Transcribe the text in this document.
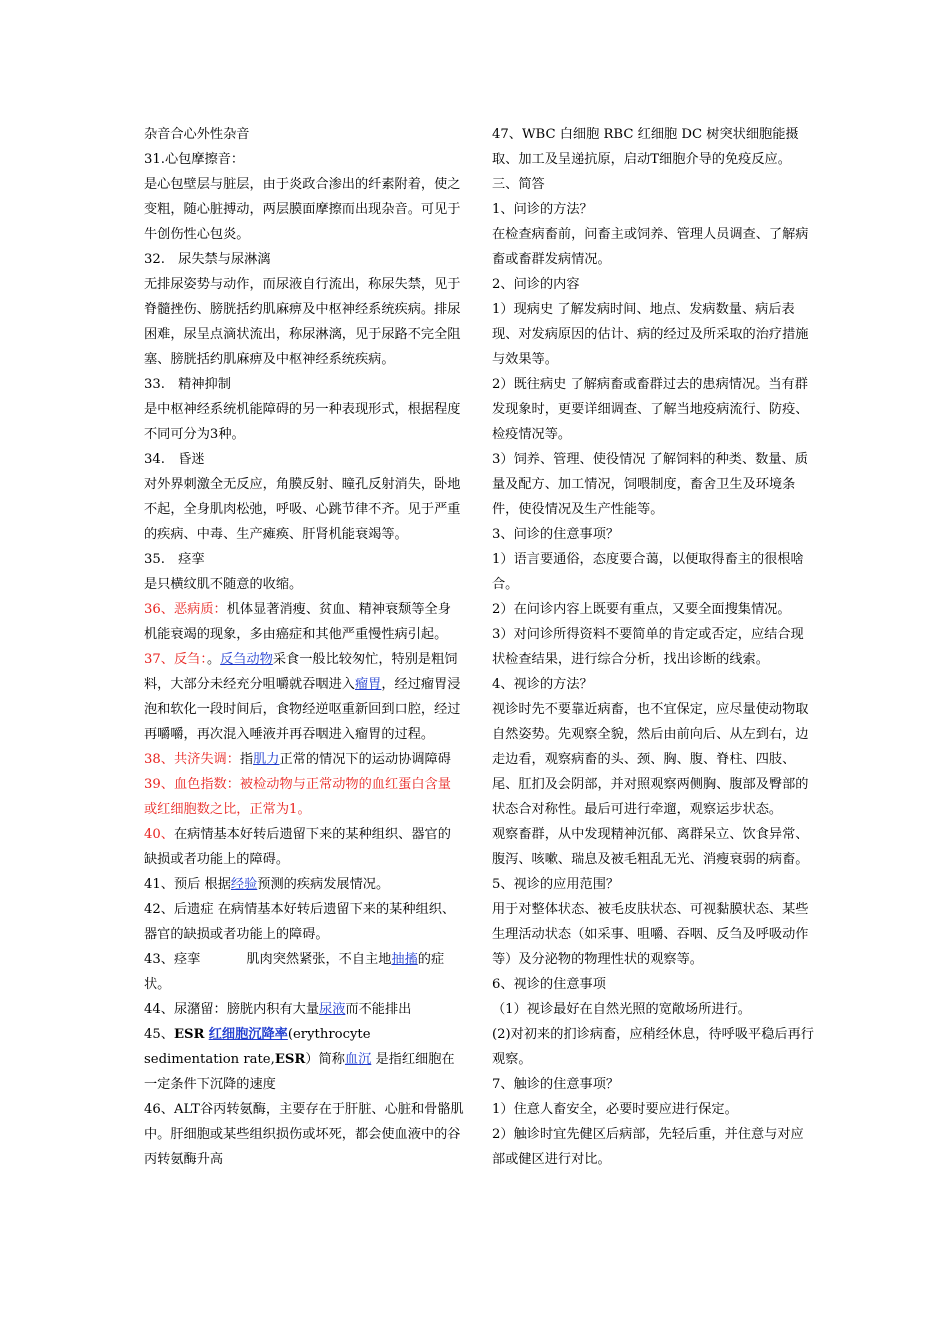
杂音合心外性杂音

31.心包摩擦音：

是心包壁层与脏层，由于炎政合渗出的纤素附着，使之变粗，随心脏搏动，两层膜面摩擦而出现杂音。可见于牛创伤性心包炎。

32.　尿失禁与尿淋漓

无排尿姿势与动作，而尿液自行流出，称尿失禁，见于脊髓挫伤、膀胱括约肌麻痹及中枢神经系统疾病。排尿困难，尿呈点滴状流出，称尿淋漓，见于尿路不完全阻塞、膀胱括约肌麻痹及中枢神经系统疾病。

33.　精神抑制

是中枢神经系统机能障碍的另一种表现形式，根据程度不同可分为3种。

34.　昏迷

对外界刺激全无反应，角膜反射、瞳孔反射消失，卧地不起，全身肌肉松弛，呼吸、心跳节律不齐。见于严重的疾病、中毒、生产瘫痪、肝肾机能衰竭等。

35.　痉挛

是只横纹肌不随意的收缩。

36、恶病质：机体显著消瘦、贫血、精神衰颓等全身机能衰竭的现象，多由癌症和其他严重慢性病引起。

37、反刍：。反刍动物采食一般比较匆忙，特别是粗饲料，大部分未经充分咀嚼就吞咽进入瘤胃，经过瘤胃浸泡和软化一段时间后，食物经逆呕重新回到口腔，经过再嚼嚼，再次混入唾液并再吞咽进入瘤胃的过程。

38、共济失调：指肌力正常的情况下的运动协调障碍

39、血色指数：被检动物与正常动物的血红蛋白含量或红细胞数之比，正常为1。

40、在病情基本好转后遗留下来的某种组织、器官的缺损或者功能上的障碍。

41、预后 根据经验预测的疾病发展情况。

42、后遗症 在病情基本好转后遗留下来的某种组织、器官的缺损或者功能上的障碍。

43、痉挛	肌肉突然紧张，不自主地抽搐的症状。

44、尿潴留：膀胱内积有大量尿液而不能排出

45、ESR 红细胞沉降率(erythrocyte sedimentation rate,ESR）简称血沉 是指红细胞在一定条件下沉降的速度

46、ALT谷丙转氨酶，主要存在于肝脏、心脏和骨骼肌中。肝细胞或某些组织损伤或坏死，都会使血液中的谷丙转氨酶升高

47、WBC 白细胞 RBC 红细胞 DC 树突状细胞能摄取、加工及呈递抗原，启动T细胞介导的免疫反应。

三、简答

1、问诊的方法？

在检查病畜前，问畜主或饲养、管理人员调查、了解病畜或畜群发病情况。

2、问诊的内容

1）现病史 了解发病时间、地点、发病数量、病后表现、对发病原因的估计、病的经过及所采取的治疗措施与效果等。

2）既往病史 了解病畜或畜群过去的患病情况。当有群发现象时，更要详细调查、了解当地疫病流行、防疫、检疫情况等。

3）饲养、管理、使役情况 了解饲料的种类、数量、质量及配方、加工情况，饲喂制度，畜舍卫生及环境条件，使役情况及生产性能等。

3、问诊的住意事项？

1）语言要通俗，态度要合蔼，以便取得畜主的很根啥合。

2）在问诊内容上既要有重点，又要全面搜集情况。

3）对问诊所得资料不要简单的肯定或否定，应结合现状检查结果，进行综合分析，找出诊断的线索。

4、视诊的方法？

视诊时先不要靠近病畜，也不宜保定，应尽量使动物取自然姿势。先观察全貌，然后由前向后、从左到右，边走边看，观察病畜的头、颈、胸、腹、脊柱、四肢、尾、肛扪及会阴部，并对照观察两侧胸、腹部及臀部的状态合对称性。最后可进行牵遛，观察运步状态。

观察畜群，从中发现精神沉郁、离群呆立、饮食异常、腹泻、咳嗽、瑞息及被毛粗乱无光、消瘦衰弱的病畜。

5、视诊的应用范围？

用于对整体状态、被毛皮肤状态、可视黏膜状态、某些生理活动状态（如采事、咀嚼、吞咽、反刍及呼吸动作等）及分泌物的物理性状的观察等。

6、视诊的住意事项

（1）视诊最好在自然光照的宽敞场所进行。

(2)对初来的扪诊病畜，应稍经休息，待呼吸平稳后再行观察。

7、触诊的住意事项？

1）住意人畜安全，必要时要应进行保定。

2）触诊时宜先健区后病部，先轻后重，并住意与对应部或健区进行对比。
